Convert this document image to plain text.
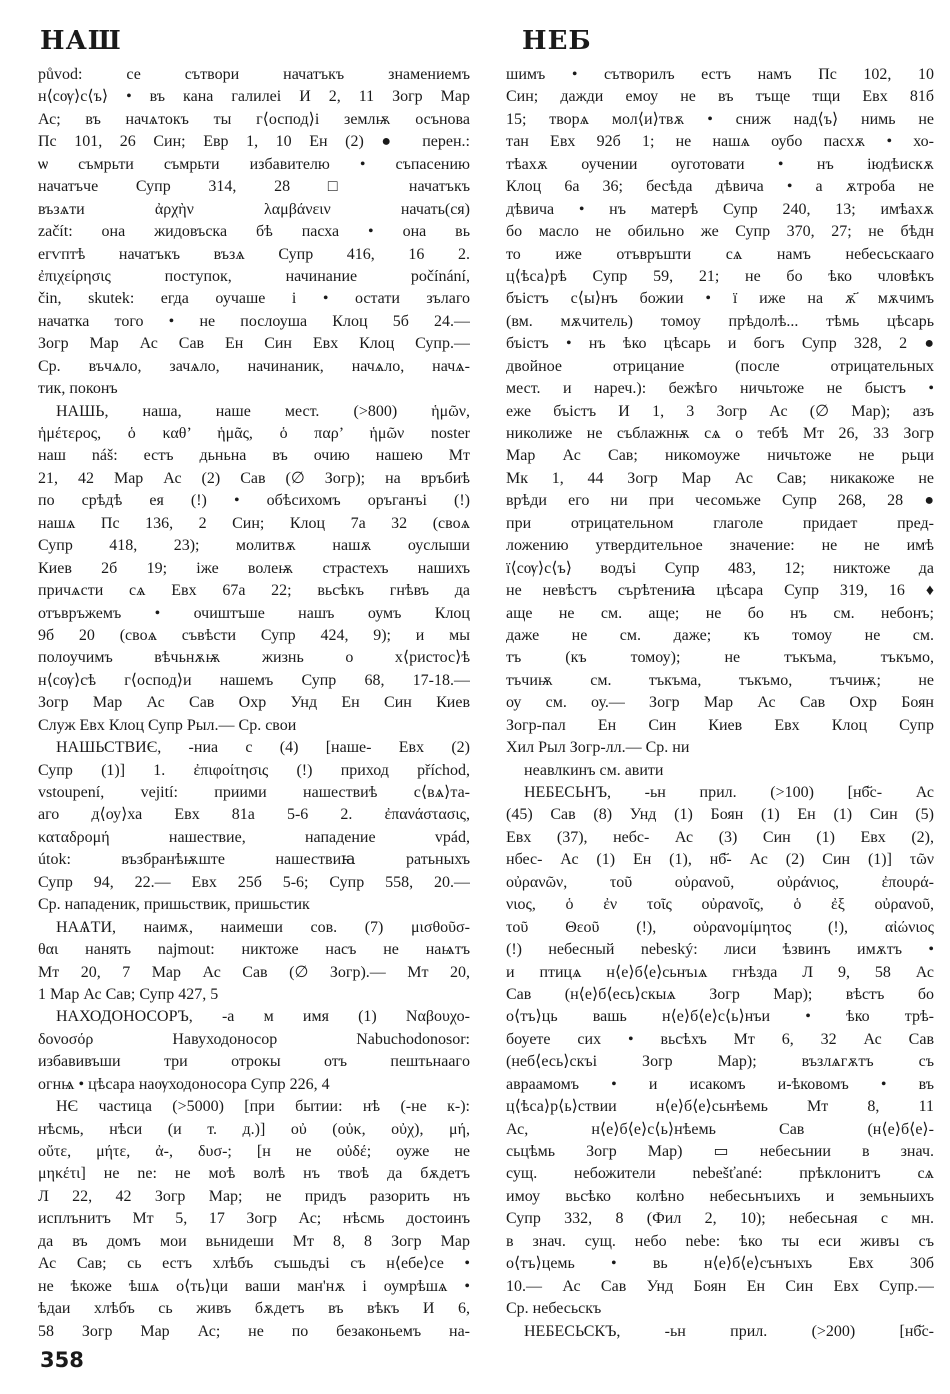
НАШ	НЕБ
původ: се сътвори начатъкъ знамениемъ
н⟨сѹ⟩с⟨ъ⟩ • въ кана галилеі И 2, 11 Зогр Мар
Ас; въ начѧтокъ ты г⟨оспод⟩і землѭ осънова
Пс 101, 26 Син; Евр 1, 10 Ен (2) ● перен.:
ѡ съмрьти съмрьти избавителю • съпасению
начатъче Супр 314, 28 □ начатъкъ
възѧти ἀρχὴν λαμβάνειν начать(ся)
začít: она жидовъска бѣ пасха • она вь
егѵптѣ начатъкъ възѧ Супр 416, 16 2.
ἐπιχείρησις поступок, начинание počínání,
čin, skutek: егда оучаше і • остати зълаго
начатка того • не послоуша Клоц 5б 24.—
Зогр Мар Ас Сав Ен Син Евх Клоц Супр.—
Ср. въчѧло, зачѧло, начинаник, начѧло, начѧ-
тик, поконъ
НАШЬ, наша, наше мест. (>800) ἡμῶν,
ἡμέτερος, ὁ καθ’ ἡμᾶς, ὁ παρ’ ἡμῶν noster
наш náš: естъ дьньна въ очию нашею Мт
21, 42 Мар Ас (2) Сав (∅ Зогр); на връбиѣ
по срѣдѣ ея (!) • обѣсихомъ оръганъі (!)
нашѧ Пс 136, 2 Син; Клоц 7а 32 (своѧ
Супр 418, 23); молитвѫ нашѫ оуслыши
Киев 2б 19; іже волеѭ страстехъ нашихъ
причѧсти сѧ Евх 67а 22; вьсѣкъ гнѣвъ да
отъвръжемъ • очиштъше нашъ оумъ Клоц
9б 20 (своѧ съвѣсти Супр 424, 9); и мы
полоучимъ вѣчьнѫѭ жизнь о х⟨ристос⟩ѣ
н⟨сѹ⟩сѣ г⟨оспод⟩и нашемъ Супр 68, 17-18.—
Зогр Мар Ас Сав Охр Унд Ен Син Киев
Служ Евх Клоц Супр Рыл.— Ср. свои
НАШЬСТВИЄ, -ниа с (4) [наше- Евх (2)
Супр (1)] 1. ἐπιφοίτησις (!) приход příchod,
vstoupení, vejití: приими нашествиѣ с⟨вѧ⟩та-
аго д⟨оу⟩ха Евх 81а 5-6 2. ἐπανάστασις,
καταδρομή нашествие, нападение vpád,
útok: възбранѣѭште нашествиꙗ ратьныхъ
Супр 94, 22.— Евх 25б 5-6; Супр 558, 20.—
Ср. нападеник, пришьствик, пришьстик
НАѦТИ, наимѫ, наимеши сов. (7) μισθοῦσ-
θαι нанять najmout: никтоже насъ не наѩтъ
Мт 20, 7 Мар Ас Сав (∅ Зогр).— Мт 20,
1 Мар Ас Сав; Супр 427, 5
НАХОДОНОСОРЪ, -а м имя (1) Ναβουχο-
δονοσόρ Навуходоносор Nabuchodonosor:
избавивъши три отрокы отъ пештьнаагo
огнѩ • цѣсара наѹходоносора Супр 226, 4
НЄ частица (>5000) [при бытии: нѣ (-не к-):
нѣсмь, нѣси (и т. д.)] οὐ (οὐκ, οὐχ), μή,
οὔτε, μήτε, ἀ-, δυσ-; [н не οὐδέ; оуже не
μηκέτι] не ne: не моѣ волѣ нъ твоѣ да бѫдетъ
Л 22, 42 Зогр Мар; не придъ разорить нъ
исплънитъ Мт 5, 17 Зогр Ас; нѣсмь достоинъ
да въ домъ мои вьнидеши Мт 8, 8 Зогр Мар
Ас Сав; сь естъ хлѣбъ съшьдъі съ н⟨ебе⟩се •
не ѣкоже ѣшѧ о⟨ть⟩ци ваши ман'нѫ і оумрѣшѧ •
ѣдаи хлѣбъ сь живъ бѫдетъ въ вѣкъ И 6,
58 Зогр Мар Ас; не по безаконьемъ на-
шимъ • сътворилъ естъ намъ Пс 102, 10
Син; дажди емоу не въ тъще тщи Евх 81б
15; творѧ мол⟨и⟩твѫ • сниж над⟨ъ⟩ нимь не
тан Евх 92б 1; не нашѧ оубо пасхѫ • хо-
тѣахѫ оучении оуготовати • нъ іюдѣискѫ
Клоц 6а 36; бесѣда дѣвича • а ѫтроба не
дѣвича • нъ матерѣ Супр 240, 13; имѣахѫ
бо масло не обильно же Супр 370, 27; не бѣдн
то иже отъвръшти сѧ намъ небесьскааго
ц⟨ѣса⟩рѣ Супр 59, 21; не бо ѣко чловѣкъ
бъістъ с⟨ы⟩нъ божии • ї иже на ѫ҃ мѫчимъ
(вм. мѫчитель) томоу прѣдолѣ... тѣмь цѣсарь
бъістъ • нъ ѣко цѣсарь и богъ Супр 328, 2 ●
двойное отрицание (после отрицательных
мест. и нареч.): бежѣго ничьтоже не быстъ •
еже бъістъ И 1, 3 Зогр Ас (∅ Мар); азъ
николиже не съблажнѭ сѧ о тебѣ Мт 26, 33 Зогр
Мар Ас Сав; никомоуже ничьтоже не рьци
Мк 1, 44 Зогр Мар Ас Сав; никакоже не
врѣди его ни при чесомьже Супр 268, 28 ●
при отрицательном глаголе придает пред-
ложению утвердительное значение: не не имѣ
ї⟨сѹ⟩с⟨ъ⟩ водъі Супр 483, 12; никтоже да
не невѣстъ сърѣтениꙗ цѣсара Супр 319, 16 ♦
аще не см. аще; не бо нъ см. небонъ;
даже не см. даже; къ томоу не см.
тъ (къ томоу); не тъкъма, тъкъмо,
тъчиѭ см. тъкъма, тъкъмо, тъчиѭ; не
оу см. оу.— Зогр Мар Ас Сав Охр Боян
Зогр-пал Ен Син Киев Евх Клоц Супр
Хил Рыл Зогр-лл.— Ср. ни
неавлкинъ см. авити
НЕБЕСЬНЪ, -ьн прил. (>100) [нб҃с- Ас
(45) Сав (8) Унд (1) Боян (1) Ен (1) Син (5)
Евх (37), небс- Ас (3) Син (1) Евх (2),
нбес- Ас (1) Ен (1), нб҃- Ас (2) Син (1)] τῶν
οὐρανῶν, τοῦ οὐρανοῦ, οὐράνιος, ἐπουρά-
νιος, ὁ ἐν τοῖς οὐρανοῖς, ὁ ἐξ οὐρανοῦ,
τοῦ Θεοῦ (!), οὐρανομίμητος (!), αἰώνιος
(!) небесный nebeský: лиси ѣзвинъ имѫтъ •
и птицѧ н⟨е⟩б⟨е⟩сьнъıѧ гнѣзда Л 9, 58 Ас
Сав (н⟨е⟩б⟨есь⟩скыѧ Зогр Мар); вѣстъ бо
о⟨тъ⟩ць вашь н⟨е⟩б⟨е⟩с⟨ь⟩нъи • ѣко трѣ-
боуете сих • вьсѣхъ Мт 6, 32 Ас Сав
(неб⟨есь⟩скъі Зогр Мар); възлѧгѫтъ съ
авраамомъ • и исакомъ и-ѣковомъ • въ
ц⟨ѣса⟩р⟨ь⟩ствии н⟨е⟩б⟨е⟩сьнѣемь Мт 8, 11
Ас, н⟨е⟩б⟨е⟩с⟨ь⟩нѣемь Сав (н⟨е⟩б⟨е⟩-
сьцѣмь Зогр Мар) ▭ небесьнии в знач.
сущ. небожители nebešťané: прѣклонитъ сѧ
имоу вьсѣко колѣно небесьнъıихъ и земьныихъ
Супр 332, 8 (Фил 2, 10); небесьная с мн.
в знач. сущ. небо nebe: ѣко ты еси живъı съ
о⟨тъ⟩цемь • вь н⟨е⟩б⟨е⟩сънъıхъ Евх 30б
10.— Ас Сав Унд Боян Ен Син Евх Супр.—
Ср. небесьскъ
НЕБЕСЬСКЪ, -ьн прил. (>200) [нб҃с-
358
